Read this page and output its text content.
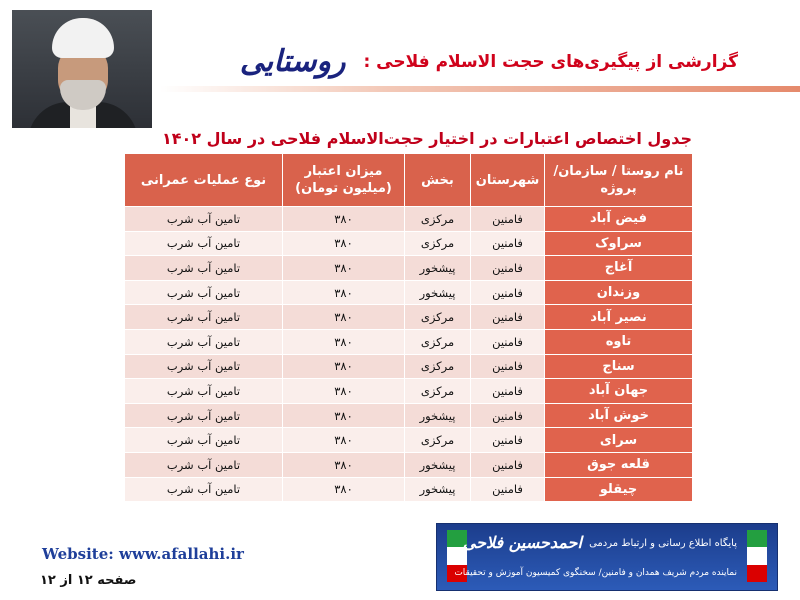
گزارشی از پیگیری‌های حجت الاسلام فلاحی : روستایی
جدول اختصاص اعتبارات در اختیار حجت‌الاسلام فلاحی در سال ۱۴۰۲
نام روستا / سازمان/ پروژه	شهرستان	بخش	میزان اعتبار (میلیون تومان)	نوع عملیات عمرانی
فیض آباد	فامنین	مرکزی	۳۸۰	تامین آب شرب
سراوک	فامنین	مرکزی	۳۸۰	تامین آب شرب
آغاج	فامنین	پیشخور	۳۸۰	تامین آب شرب
وزندان	فامنین	پیشخور	۳۸۰	تامین آب شرب
نصیر آباد	فامنین	مرکزی	۳۸۰	تامین آب شرب
تاوه	فامنین	مرکزی	۳۸۰	تامین آب شرب
سناج	فامنین	مرکزی	۳۸۰	تامین آب شرب
جهان آباد	فامنین	مرکزی	۳۸۰	تامین آب شرب
خوش آباد	فامنین	پیشخور	۳۸۰	تامین آب شرب
سرای	فامنین	مرکزی	۳۸۰	تامین آب شرب
قلعه جوق	فامنین	پیشخور	۳۸۰	تامین آب شرب
چیقلو	فامنین	پیشخور	۳۸۰	تامین آب شرب
Website: www.afallahi.ir
صفحه ۱۲ از ۱۲
پایگاه اطلاع رسانی و ارتباط مردمی احمدحسین فلاحی
نماینده مردم شریف همدان و فامنین/ سخنگوی کمیسیون آموزش و تحقیقات
